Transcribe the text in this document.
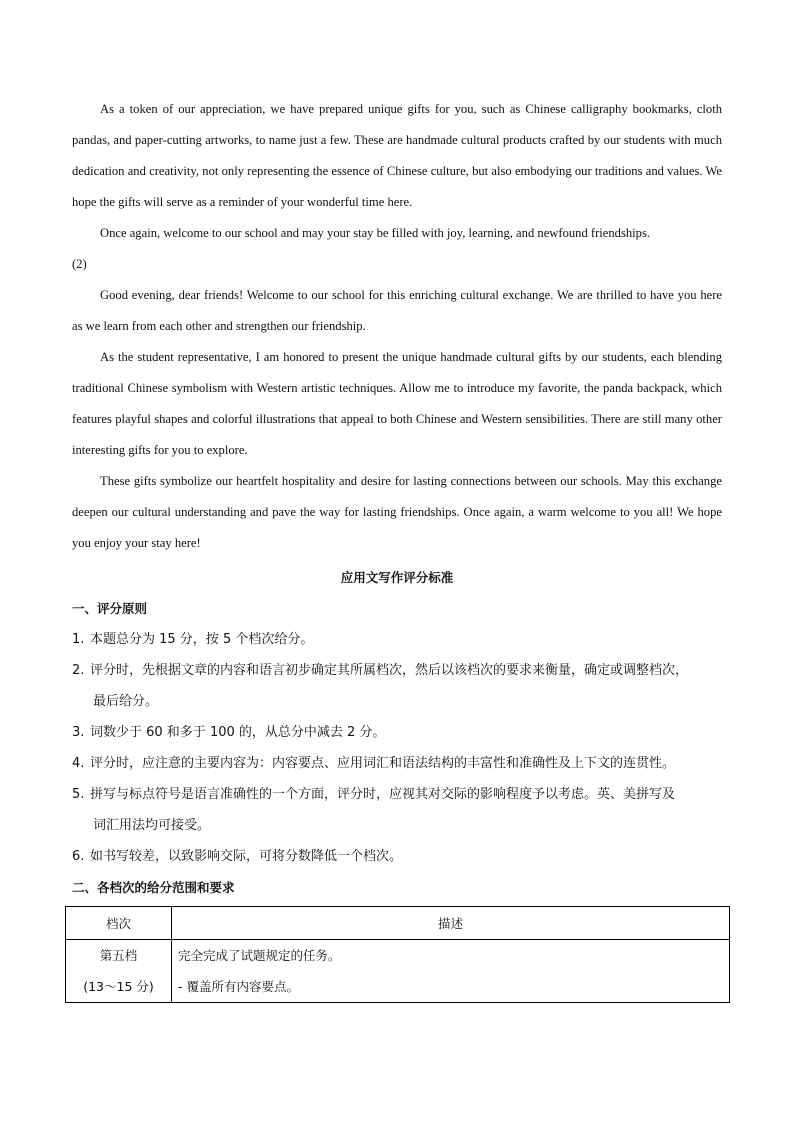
As a token of our appreciation, we have prepared unique gifts for you, such as Chinese calligraphy bookmarks, cloth pandas, and paper-cutting artworks, to name just a few. These are handmade cultural products crafted by our students with much dedication and creativity, not only representing the essence of Chinese culture, but also embodying our traditions and values. We hope the gifts will serve as a reminder of your wonderful time here.

Once again, welcome to our school and may your stay be filled with joy, learning, and newfound friendships.

(2)

Good evening, dear friends! Welcome to our school for this enriching cultural exchange. We are thrilled to have you here as we learn from each other and strengthen our friendship.

As the student representative, I am honored to present the unique handmade cultural gifts by our students, each blending traditional Chinese symbolism with Western artistic techniques. Allow me to introduce my favorite, the panda backpack, which features playful shapes and colorful illustrations that appeal to both Chinese and Western sensibilities. There are still many other interesting gifts for you to explore.

These gifts symbolize our heartfelt hospitality and desire for lasting connections between our schools. May this exchange deepen our cultural understanding and pave the way for lasting friendships. Once again, a warm welcome to you all! We hope you enjoy your stay here!

应用文写作评分标准

一、评分原则

1. 本题总分为 15 分，按 5 个档次给分。

2. 评分时，先根据文章的内容和语言初步确定其所属档次，然后以该档次的要求来衡量，确定或调整档次，

最后给分。

3. 词数少于 60 和多于 100 的，从总分中减去 2 分。

4. 评分时，应注意的主要内容为：内容要点、应用词汇和语法结构的丰富性和准确性及上下文的连贯性。

5. 拼写与标点符号是语言准确性的一个方面，评分时，应视其对交际的影响程度予以考虑。英、美拼写及

词汇用法均可接受。

6. 如书写较差，以致影响交际，可将分数降低一个档次。

二、各档次的给分范围和要求

档次	描述

第五档
(13～15 分)	完全完成了试题规定的任务。
- 覆盖所有内容要点。
